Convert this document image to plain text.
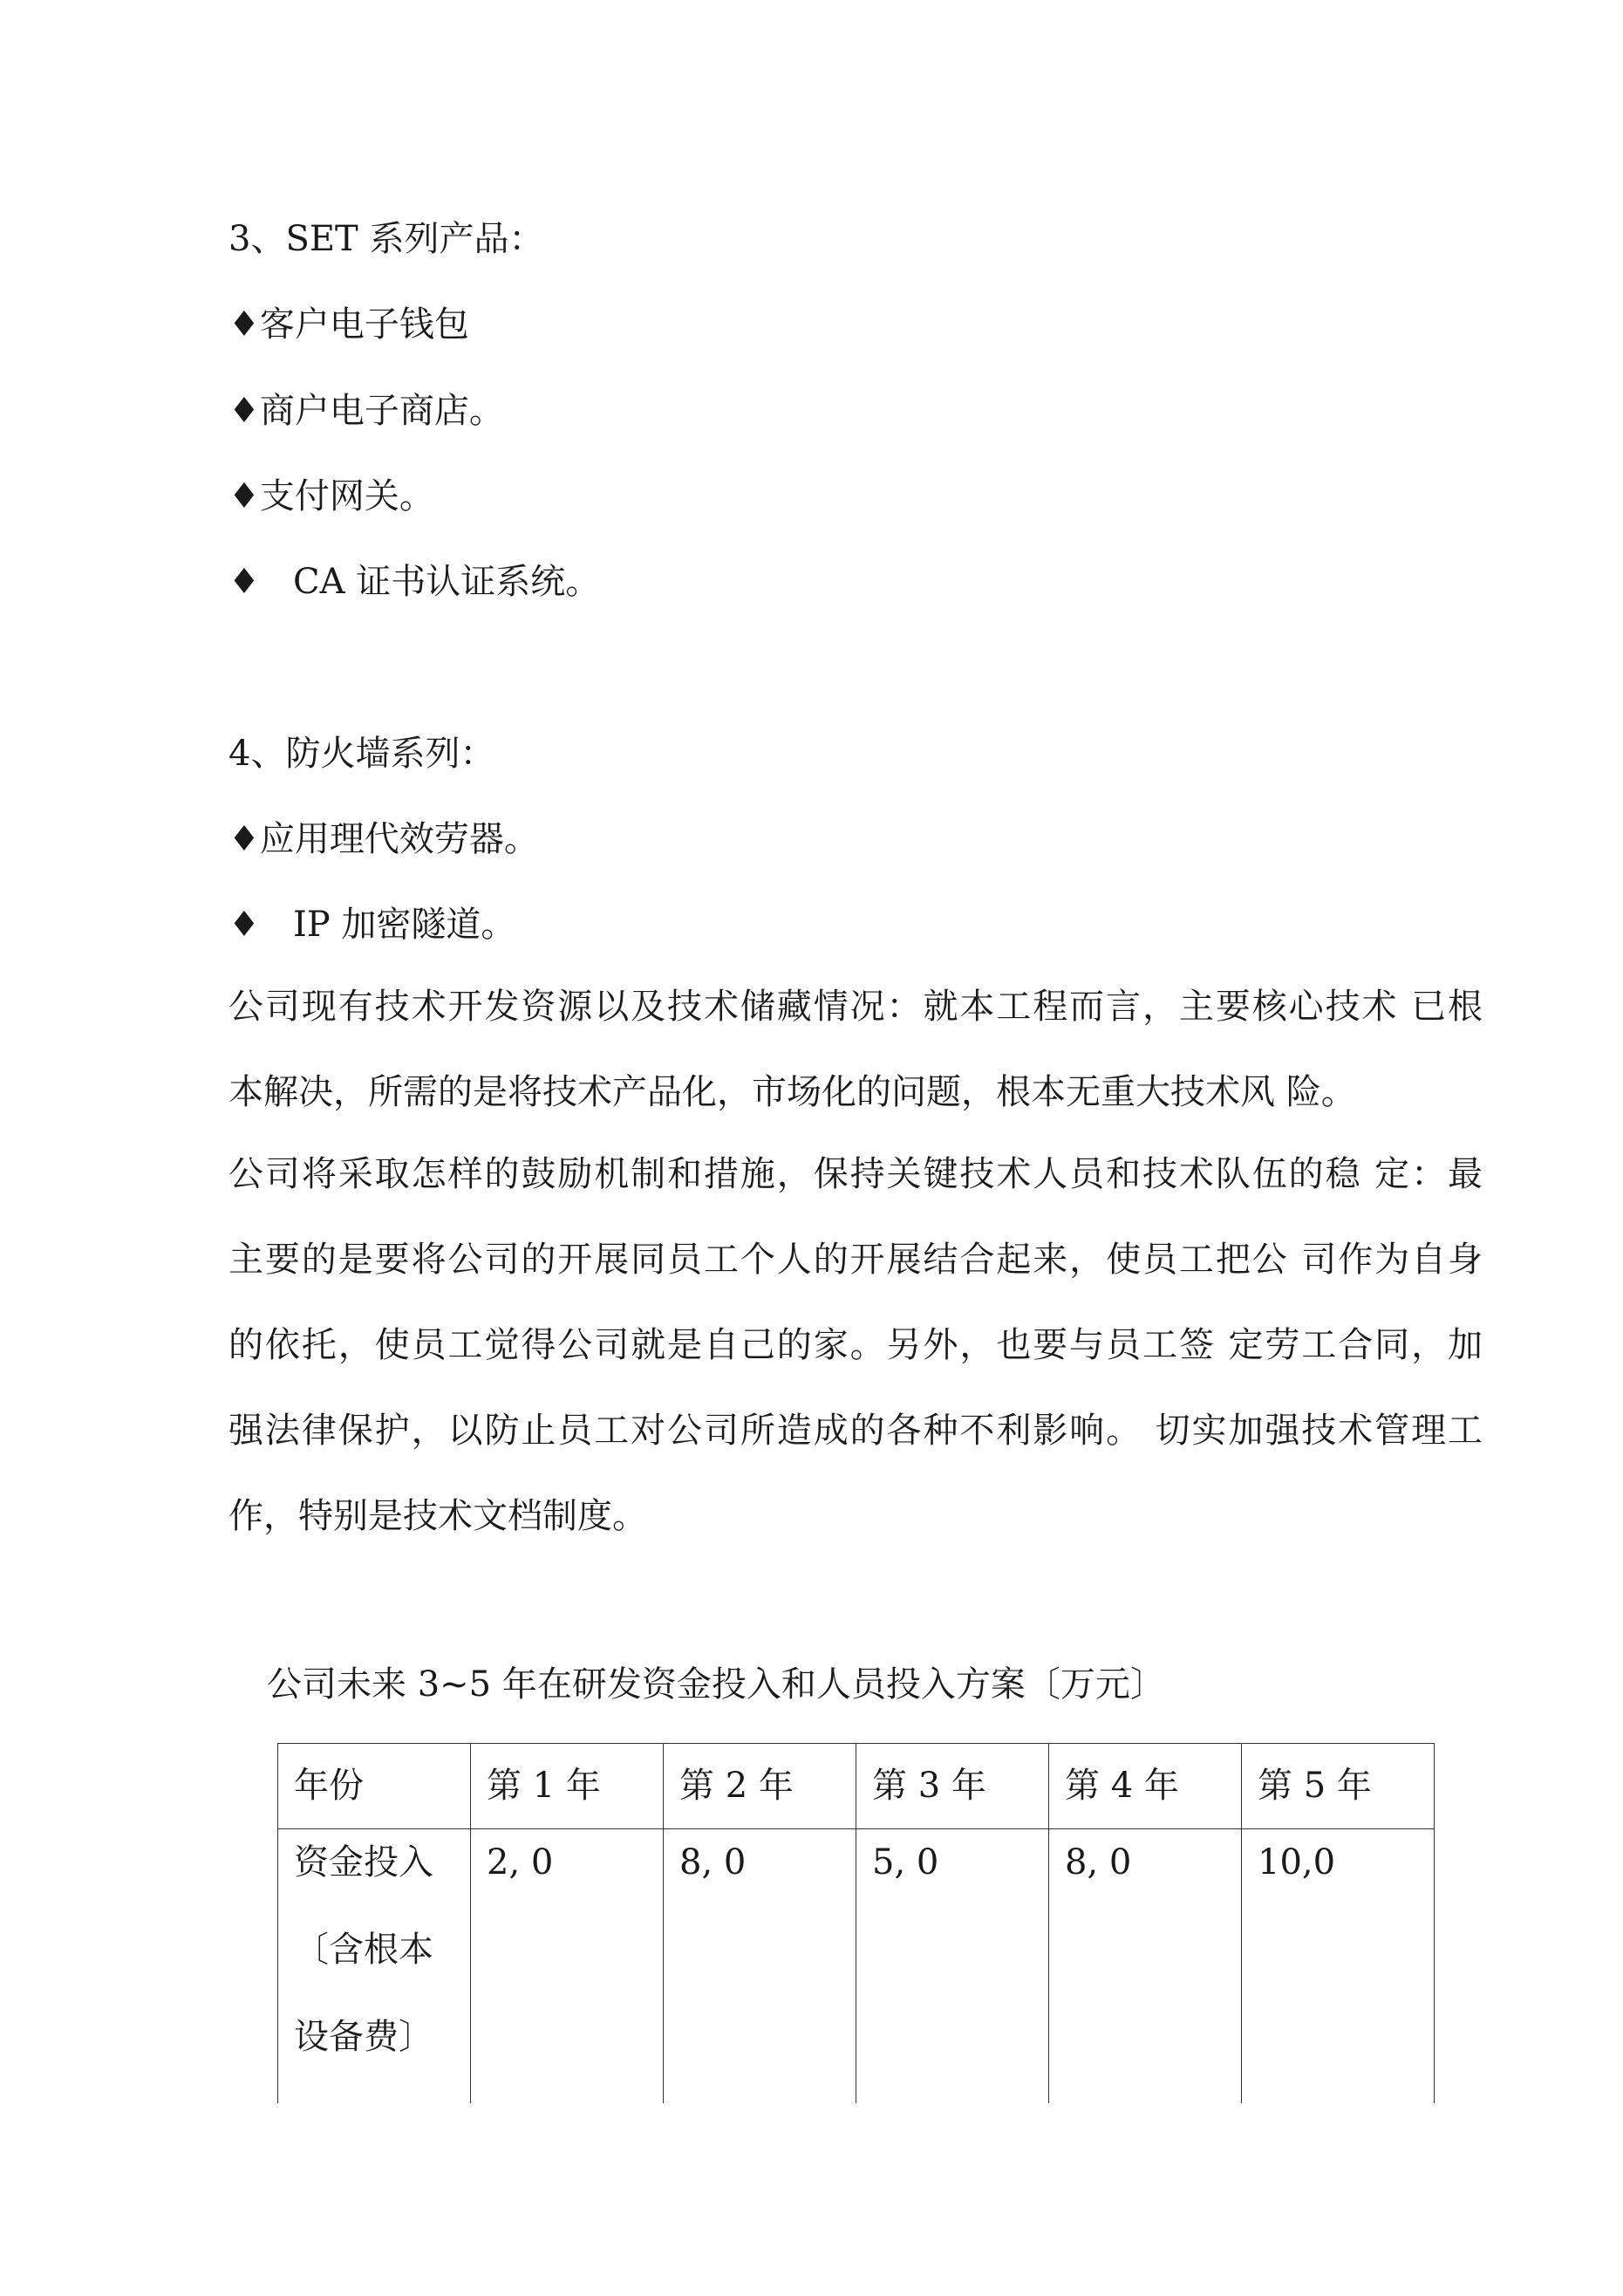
3、SET 系列产品：

♦客户电子钱包

♦商户电子商店。

♦支付网关。

♦   CA 证书认证系统。

4、防火墙系列：

♦应用理代效劳器。

♦   IP 加密隧道。

公司现有技术开发资源以及技术储藏情况：就本工程而言，主要核心技术 已根

本解决，所需的是将技术产品化，市场化的问题，根本无重大技术风 险。

公司将采取怎样的鼓励机制和措施，保持关键技术人员和技术队伍的稳 定：最

主要的是要将公司的开展同员工个人的开展结合起来，使员工把公 司作为自身

的依托，使员工觉得公司就是自己的家。另外，也要与员工签 定劳工合同，加

强法律保护，以防止员工对公司所造成的各种不利影响。 切实加强技术管理工

作，特别是技术文档制度。

公司未来 3~5 年在研发资金投入和人员投入方案〔万元〕

年份	第 1 年	第 2 年	第 3 年	第 4 年	第 5 年

资金投入
〔含根本
设备费〕	2, 0	8, 0	5, 0	8, 0	10,0
